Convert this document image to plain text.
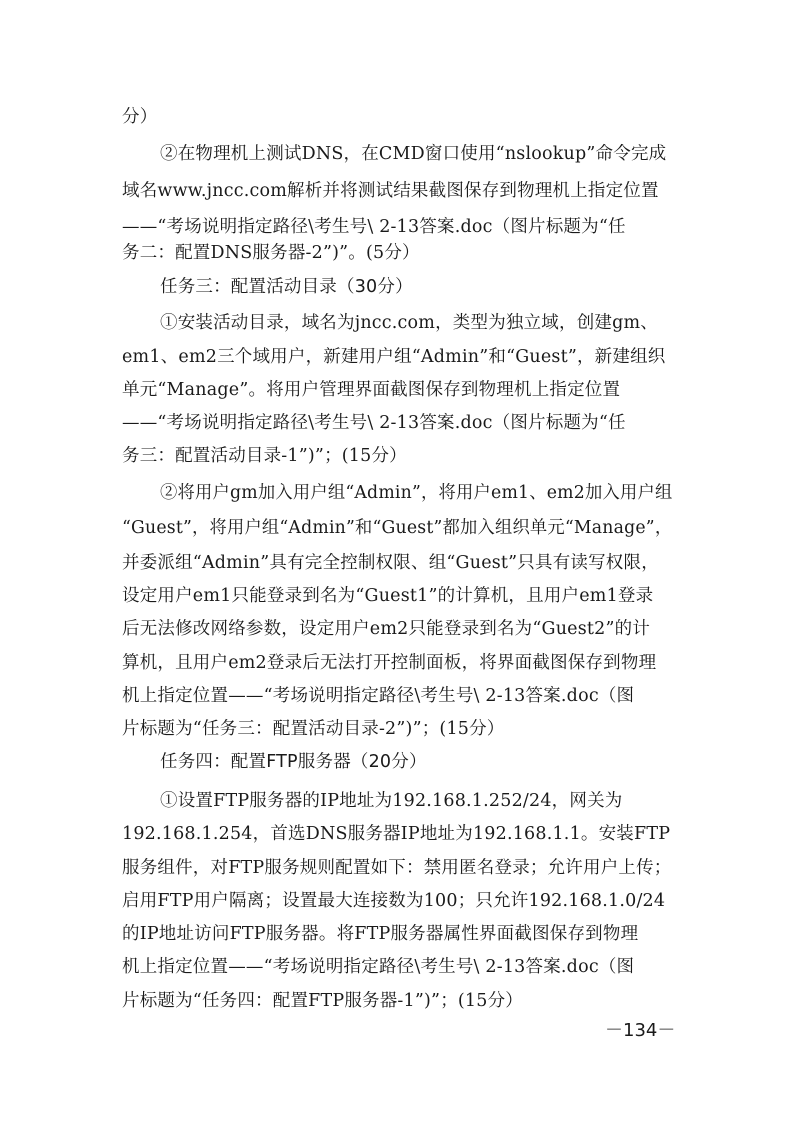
分）
②在物理机上测试DNS，在CMD窗口使用“nslookup”命令完成
域名www.jncc.com解析并将测试结果截图保存到物理机上指定位置
——“考场说明指定路径\考生号\ 2-13答案.doc（图片标题为“任
务二：配置DNS服务器-2”)”。(5分）
任务三：配置活动目录（30分）
①安装活动目录，域名为jncc.com，类型为独立域，创建gm、
em1、em2三个域用户，新建用户组“Admin”和“Guest”，新建组织
单元“Manage”。将用户管理界面截图保存到物理机上指定位置
——“考场说明指定路径\考生号\ 2-13答案.doc（图片标题为“任
务三：配置活动目录-1”)”；(15分）
②将用户gm加入用户组“Admin”，将用户em1、em2加入用户组
“Guest”，将用户组“Admin”和“Guest”都加入组织单元“Manage”，
并委派组“Admin”具有完全控制权限、组“Guest”只具有读写权限，
设定用户em1只能登录到名为“Guest1”的计算机，且用户em1登录
后无法修改网络参数，设定用户em2只能登录到名为“Guest2”的计
算机，且用户em2登录后无法打开控制面板，将界面截图保存到物理
机上指定位置——“考场说明指定路径\考生号\ 2-13答案.doc（图
片标题为“任务三：配置活动目录-2”)”；(15分）
任务四：配置FTP服务器（20分）
①设置FTP服务器的IP地址为192.168.1.252/24，网关为
192.168.1.254，首选DNS服务器IP地址为192.168.1.1。安装FTP
服务组件，对FTP服务规则配置如下：禁用匿名登录；允许用户上传；
启用FTP用户隔离；设置最大连接数为100；只允许192.168.1.0/24
的IP地址访问FTP服务器。将FTP服务器属性界面截图保存到物理
机上指定位置——“考场说明指定路径\考生号\ 2-13答案.doc（图
片标题为“任务四：配置FTP服务器-1”)”；(15分）
－134－
